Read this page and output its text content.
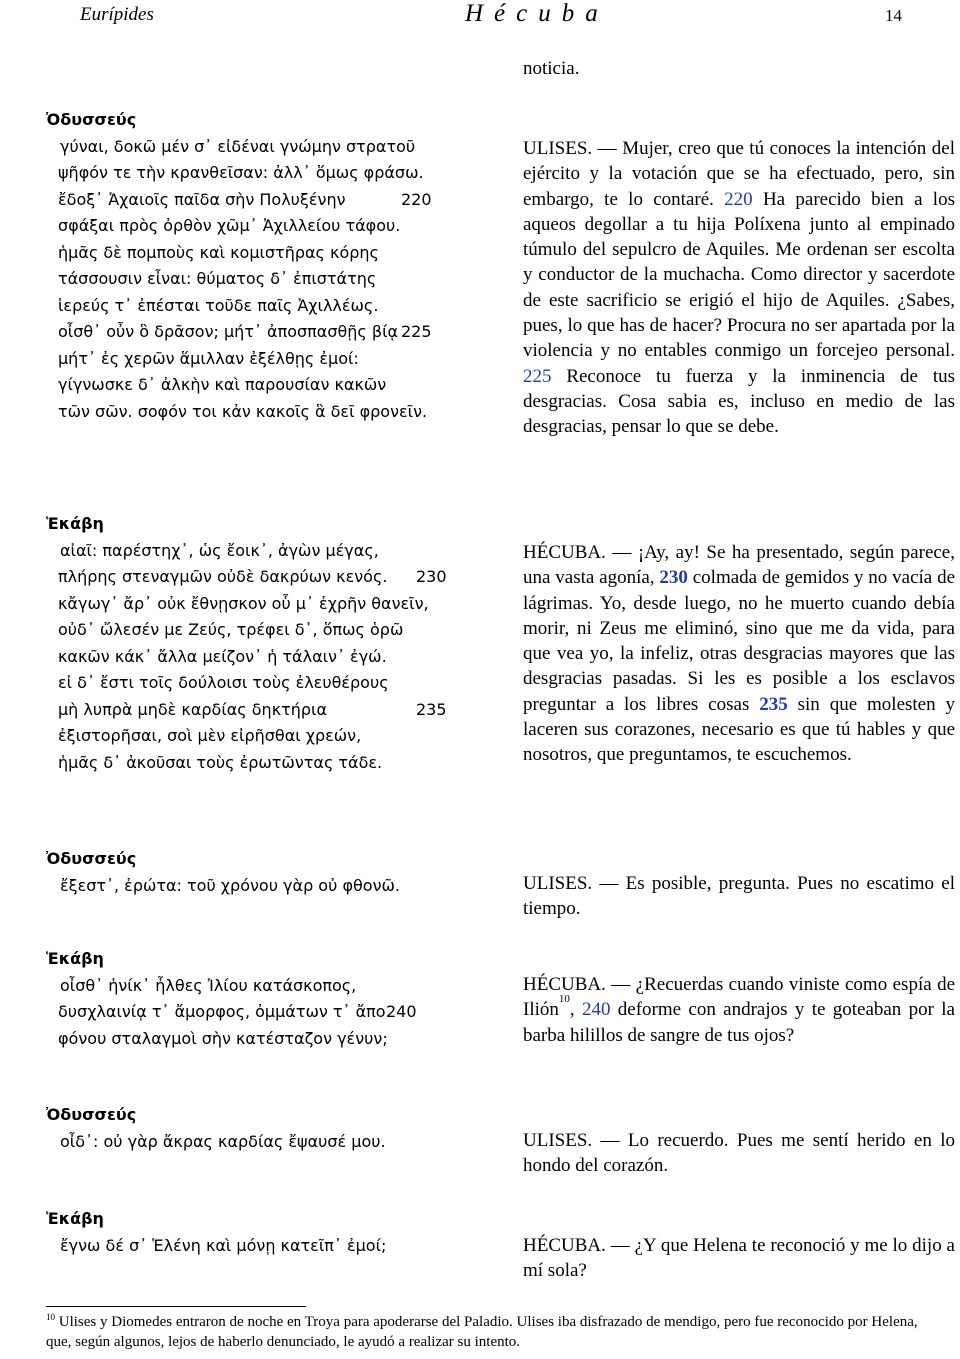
Eurípides	Hécuba	14
noticia.
Ὀδυσσεύς
γύναι, δοκῶ μέν σ᾿ εἰδέναι γνώμην στρατοῦ
ψῆφόν τε τὴν κρανθεῖσαν: ἀλλ᾿ ὅμως φράσω.
ἔδοξ᾿ Ἀχαιοῖς παῖδα σὴν Πολυξένην	220
σφάξαι πρὸς ὀρθὸν χῶμ᾿ Ἀχιλλείου τάφου.
ἡμᾶς δὲ πομποὺς καὶ κομιστῆρας κόρης
τάσσουσιν εἶναι: θύματος δ᾿ ἐπιστάτης
ἱερεύς τ᾿ ἐπέσται τοῦδε παῖς Ἀχιλλέως.
οἶσθ᾿ οὖν ὃ δρᾶσον; μήτ᾿ ἀποσπασθῇς βίᾳ 225
μήτ᾿ ἐς χερῶν ἅμιλλαν ἐξέλθῃς ἐμοί:
γίγνωσκε δ᾿ ἀλκὴν καὶ παρουσίαν κακῶν
τῶν σῶν. σοφόν τοι κἀν κακοῖς ἃ δεῖ φρονεῖν.
Ἑκάβη
αἰαῖ: παρέστηχ᾿, ὡς ἔοικ᾿, ἀγὼν μέγας,
πλήρης στεναγμῶν οὐδὲ δακρύων κενός. 230
κἄγωγ᾿ ἄρ᾿ οὐκ ἔθνῃσκον οὗ μ᾿ ἐχρῆν θανεῖν,
οὐδ᾿ ὤλεσέν με Ζεύς, τρέφει δ᾿, ὅπως ὁρῶ
κακῶν κάκ᾿ ἄλλα μείζον᾿ ἡ τάλαιν᾿ ἐγώ.
εἰ δ᾿ ἔστι τοῖς δούλοισι τοὺς ἐλευθέρους
μὴ λυπρὰ μηδὲ καρδίας δηκτήρια	235
ἐξιστορῆσαι, σοὶ μὲν εἰρῆσθαι χρεών,
ἡμᾶς δ᾿ ἀκοῦσαι τοὺς ἐρωτῶντας τάδε.
Ὀδυσσεύς
ἔξεστ᾿, ἐρώτα: τοῦ χρόνου γὰρ οὐ φθονῶ.
Ἑκάβη
οἶσθ᾿ ἡνίκ᾿ ἦλθες Ἰλίου κατάσκοπος,
δυσχλαινίᾳ τ᾿ ἄμορφος, ὀμμάτων τ᾿ ἄπο 240
φόνου σταλαγμοὶ σὴν κατέσταζον γένυν;
Ὀδυσσεύς
οἶδ᾿: οὐ γὰρ ἄκρας καρδίας ἔψαυσέ μου.
Ἑκάβη
ἔγνω δέ σ᾿ Ἑλένη καὶ μόνῃ κατεῖπ᾿ ἐμοί;
ULISES. — Mujer, creo que tú conoces la intención del ejército y la votación que se ha efectuado, pero, sin embargo, te lo contaré. 220 Ha parecido bien a los aqueos degollar a tu hija Políxena junto al empinado túmulo del sepulcro de Aquiles. Me ordenan ser escolta y conductor de la muchacha. Como director y sacerdote de este sacrificio se erigió el hijo de Aquiles. ¿Sabes, pues, lo que has de hacer? Procura no ser apartada por la violencia y no entables conmigo un forcejeo personal. 225 Reconoce tu fuerza y la inminencia de tus desgracias. Cosa sabia es, incluso en medio de las desgracias, pensar lo que se debe.
HÉCUBA. — ¡Ay, ay! Se ha presentado, según parece, una vasta agonía, 230 colmada de gemidos y no vacía de lágrimas. Yo, desde luego, no he muerto cuando debía morir, ni Zeus me eliminó, sino que me da vida, para que vea yo, la infeliz, otras desgracias mayores que las desgracias pasadas. Si les es posible a los esclavos preguntar a los libres cosas 235 sin que molesten y laceren sus corazones, necesario es que tú hables y que nosotros, que preguntamos, te escuchemos.
ULISES. — Es posible, pregunta. Pues no escatimo el tiempo.
HÉCUBA. — ¿Recuerdas cuando viniste como espía de Ilión$^{10}$, 240 deforme con andrajos y te goteaban por la barba hilillos de sangre de tus ojos?
ULISES. — Lo recuerdo. Pues me sentí herido en lo hondo del corazón.
HÉCUBA. — ¿Y que Helena te reconoció y me lo dijo a mí sola?
$^{10}$ Ulises y Diomedes entraron de noche en Troya para apoderarse del Paladio. Ulises iba disfrazado de mendigo, pero fue reconocido por Helena, que, según algunos, lejos de haberlo denunciado, le ayudó a realizar su intento.
